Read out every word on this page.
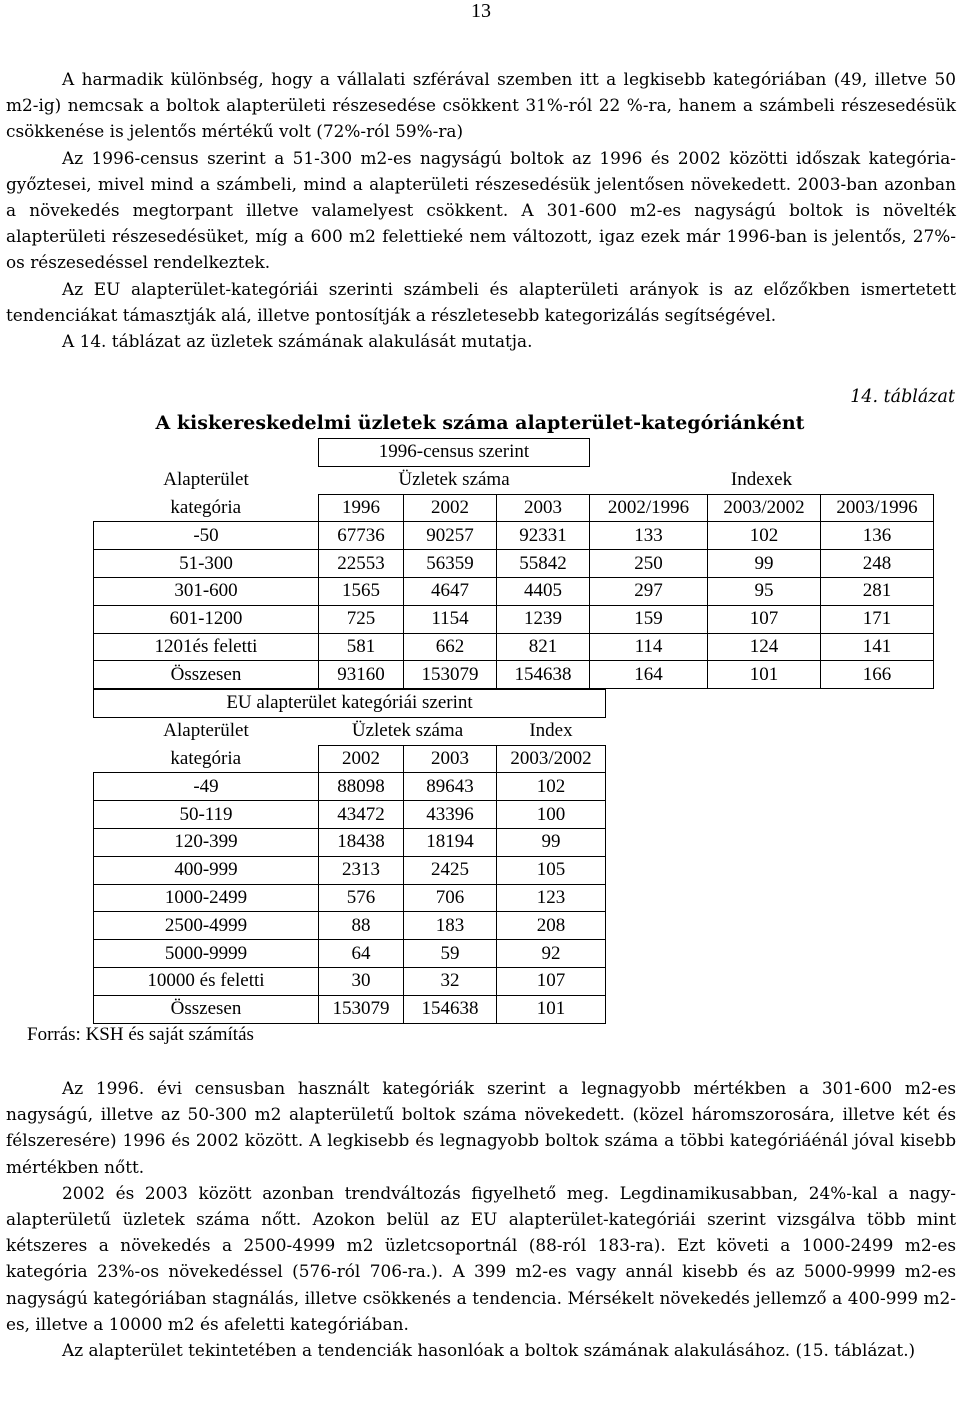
13

A harmadik különbség, hogy a vállalati szférával szemben itt a legkisebb kategóriában (49, illetve 50 m2-ig) nemcsak a boltok alapterületi részesedése csökkent 31%-ról 22 %-ra, hanem a számbeli részesedésük csökkenése is jelentős mértékű volt (72%-ról 59%-ra)

Az 1996-census szerint a 51-300 m2-es nagyságú boltok az 1996 és 2002 közötti időszak kategória-győztesei, mivel mind a számbeli, mind a alapterületi részesedésük jelentősen növekedett. 2003-ban azonban a növekedés megtorpant illetve valamelyest csökkent. A 301-600 m2-es nagyságú boltok is növelték alapterületi részesedésüket, míg a 600 m2 felettieké nem változott, igaz ezek már 1996-ban is jelentős, 27%-os részesedéssel rendelkeztek.

Az EU alapterület-kategóriái szerinti számbeli és alapterületi arányok is az előzőkben ismertetett tendenciákat támasztják alá, illetve pontosítják a részletesebb kategorizálás segítségével.

A 14. táblázat az üzletek számának alakulását mutatja.

14. táblázat
A kiskereskedelmi üzletek száma alapterület-kategóriánként
	1996-census szerint					
Alapterület	Üzletek száma			Indexek		
kategória	1996	2002	2003	2002/1996	2003/2002	2003/1996
-50	67736	90257	92331	133	102	136
51-300	22553	56359	55842	250	99	248
301-600	1565	4647	4405	297	95	281
601-1200	725	1154	1239	159	107	171
1201és feletti	581	662	821	114	124	141
Összesen	93160	153079	154638	164	101	166
EU alapterület kategóriái szerint			
Alapterület	Üzletek száma		Index
kategória	2002	2003	2003/2002
-49	88098	89643	102
50-119	43472	43396	100
120-399	18438	18194	99
400-999	2313	2425	105
1000-2499	576	706	123
2500-4999	88	183	208
5000-9999	64	59	92
10000 és feletti	30	32	107
Összesen	153079	154638	101
Forrás: KSH és saját számítás

Az 1996. évi censusban használt kategóriák szerint a legnagyobb mértékben a 301-600 m2-es nagyságú, illetve az 50-300 m2 alapterületű boltok száma növekedett. (közel háromszorosára, illetve két és félszeresére) 1996 és 2002 között. A legkisebb és legnagyobb boltok száma a többi kategóriáénál jóval kisebb mértékben nőtt.

2002 és 2003 között azonban trendváltozás figyelhető meg. Legdinamikusabban, 24%-kal a nagy-alapterületű üzletek száma nőtt. Azokon belül az EU alapterület-kategóriái szerint vizsgálva több mint kétszeres a növekedés a 2500-4999 m2 üzletcsoportnál (88-ról 183-ra). Ezt követi a 1000-2499 m2-es kategória 23%-os növekedéssel (576-ról 706-ra.). A 399 m2-es vagy annál kisebb és az 5000-9999 m2-es nagyságú kategóriában stagnálás, illetve csökkenés a tendencia. Mérsékelt növekedés jellemző a 400-999 m2-es, illetve a 10000 m2 és afeletti kategóriában.

Az alapterület tekintetében a tendenciák hasonlóak a boltok számának alakulásához. (15. táblázat.)
